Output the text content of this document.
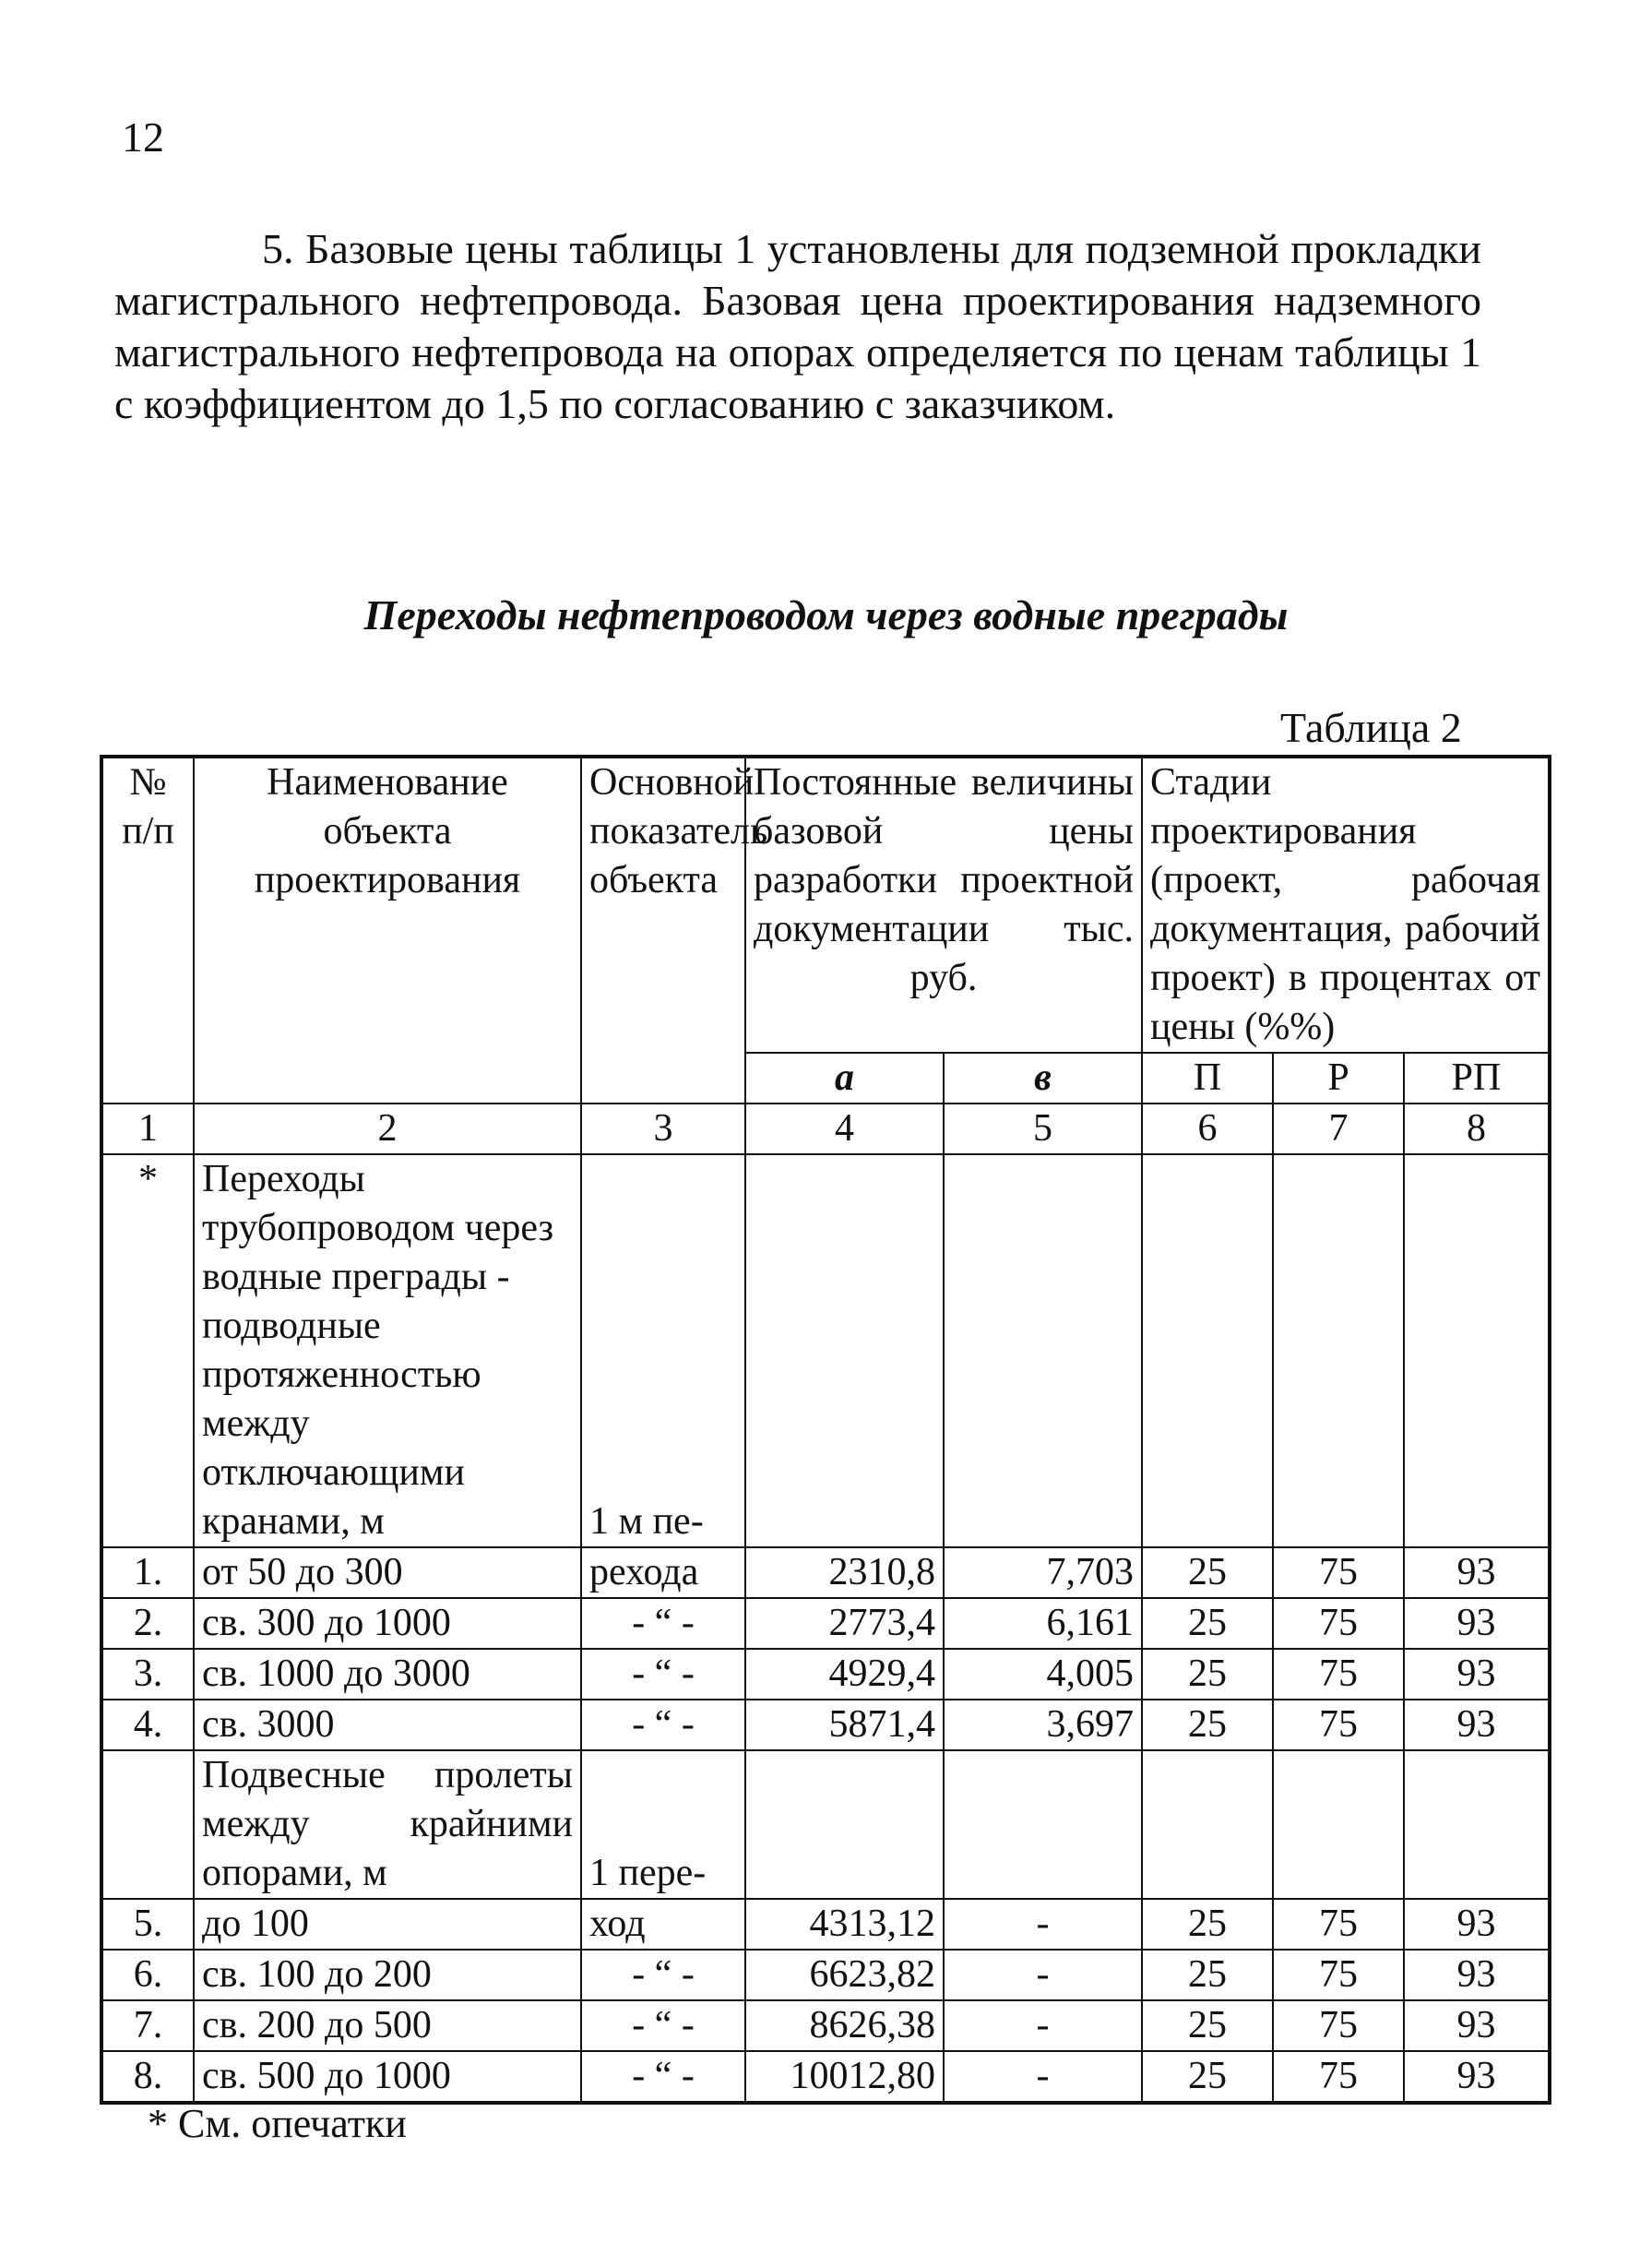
12

5. Базовые цены таблицы 1 установлены для подземной прокладки магистрального нефтепровода. Базовая цена проектирования надземного магистрального нефтепровода на опорах определяется по ценам таблицы 1 с коэффициентом до 1,5 по согласованию с заказчиком.

Переходы нефтепроводом через водные преграды
Таблица 2
№ п/п	Наименование объекта проектирования	Основной показатель объекта	Постоянные величины базовой цены разработки проектной документации тыс. руб.		Стадии проектирования (проект, рабочая документация, рабочий проект) в процентах от цены (%%)		
			а	в	П	Р	РП
1	2	3	4	5	6	7	8
*	Переходы трубопроводом через водные преграды - подводные протяженностью между отключающими кранами, м	1 м пе-					
1.	от 50 до 300	рехода	2310,8	7,703	25	75	93
2.	св. 300 до 1000	- “ -	2773,4	6,161	25	75	93
3.	св. 1000 до 3000	- “ -	4929,4	4,005	25	75	93
4.	св. 3000	- “ -	5871,4	3,697	25	75	93
	Подвесные пролеты между крайними опорами, м	1 пере-					
5.	до 100	ход	4313,12	-	25	75	93
6.	св. 100 до 200	- “ -	6623,82	-	25	75	93
7.	св. 200 до 500	- “ -	8626,38	-	25	75	93
8.	св. 500 до 1000	- “ -	10012,80	-	25	75	93
* См. опечатки
